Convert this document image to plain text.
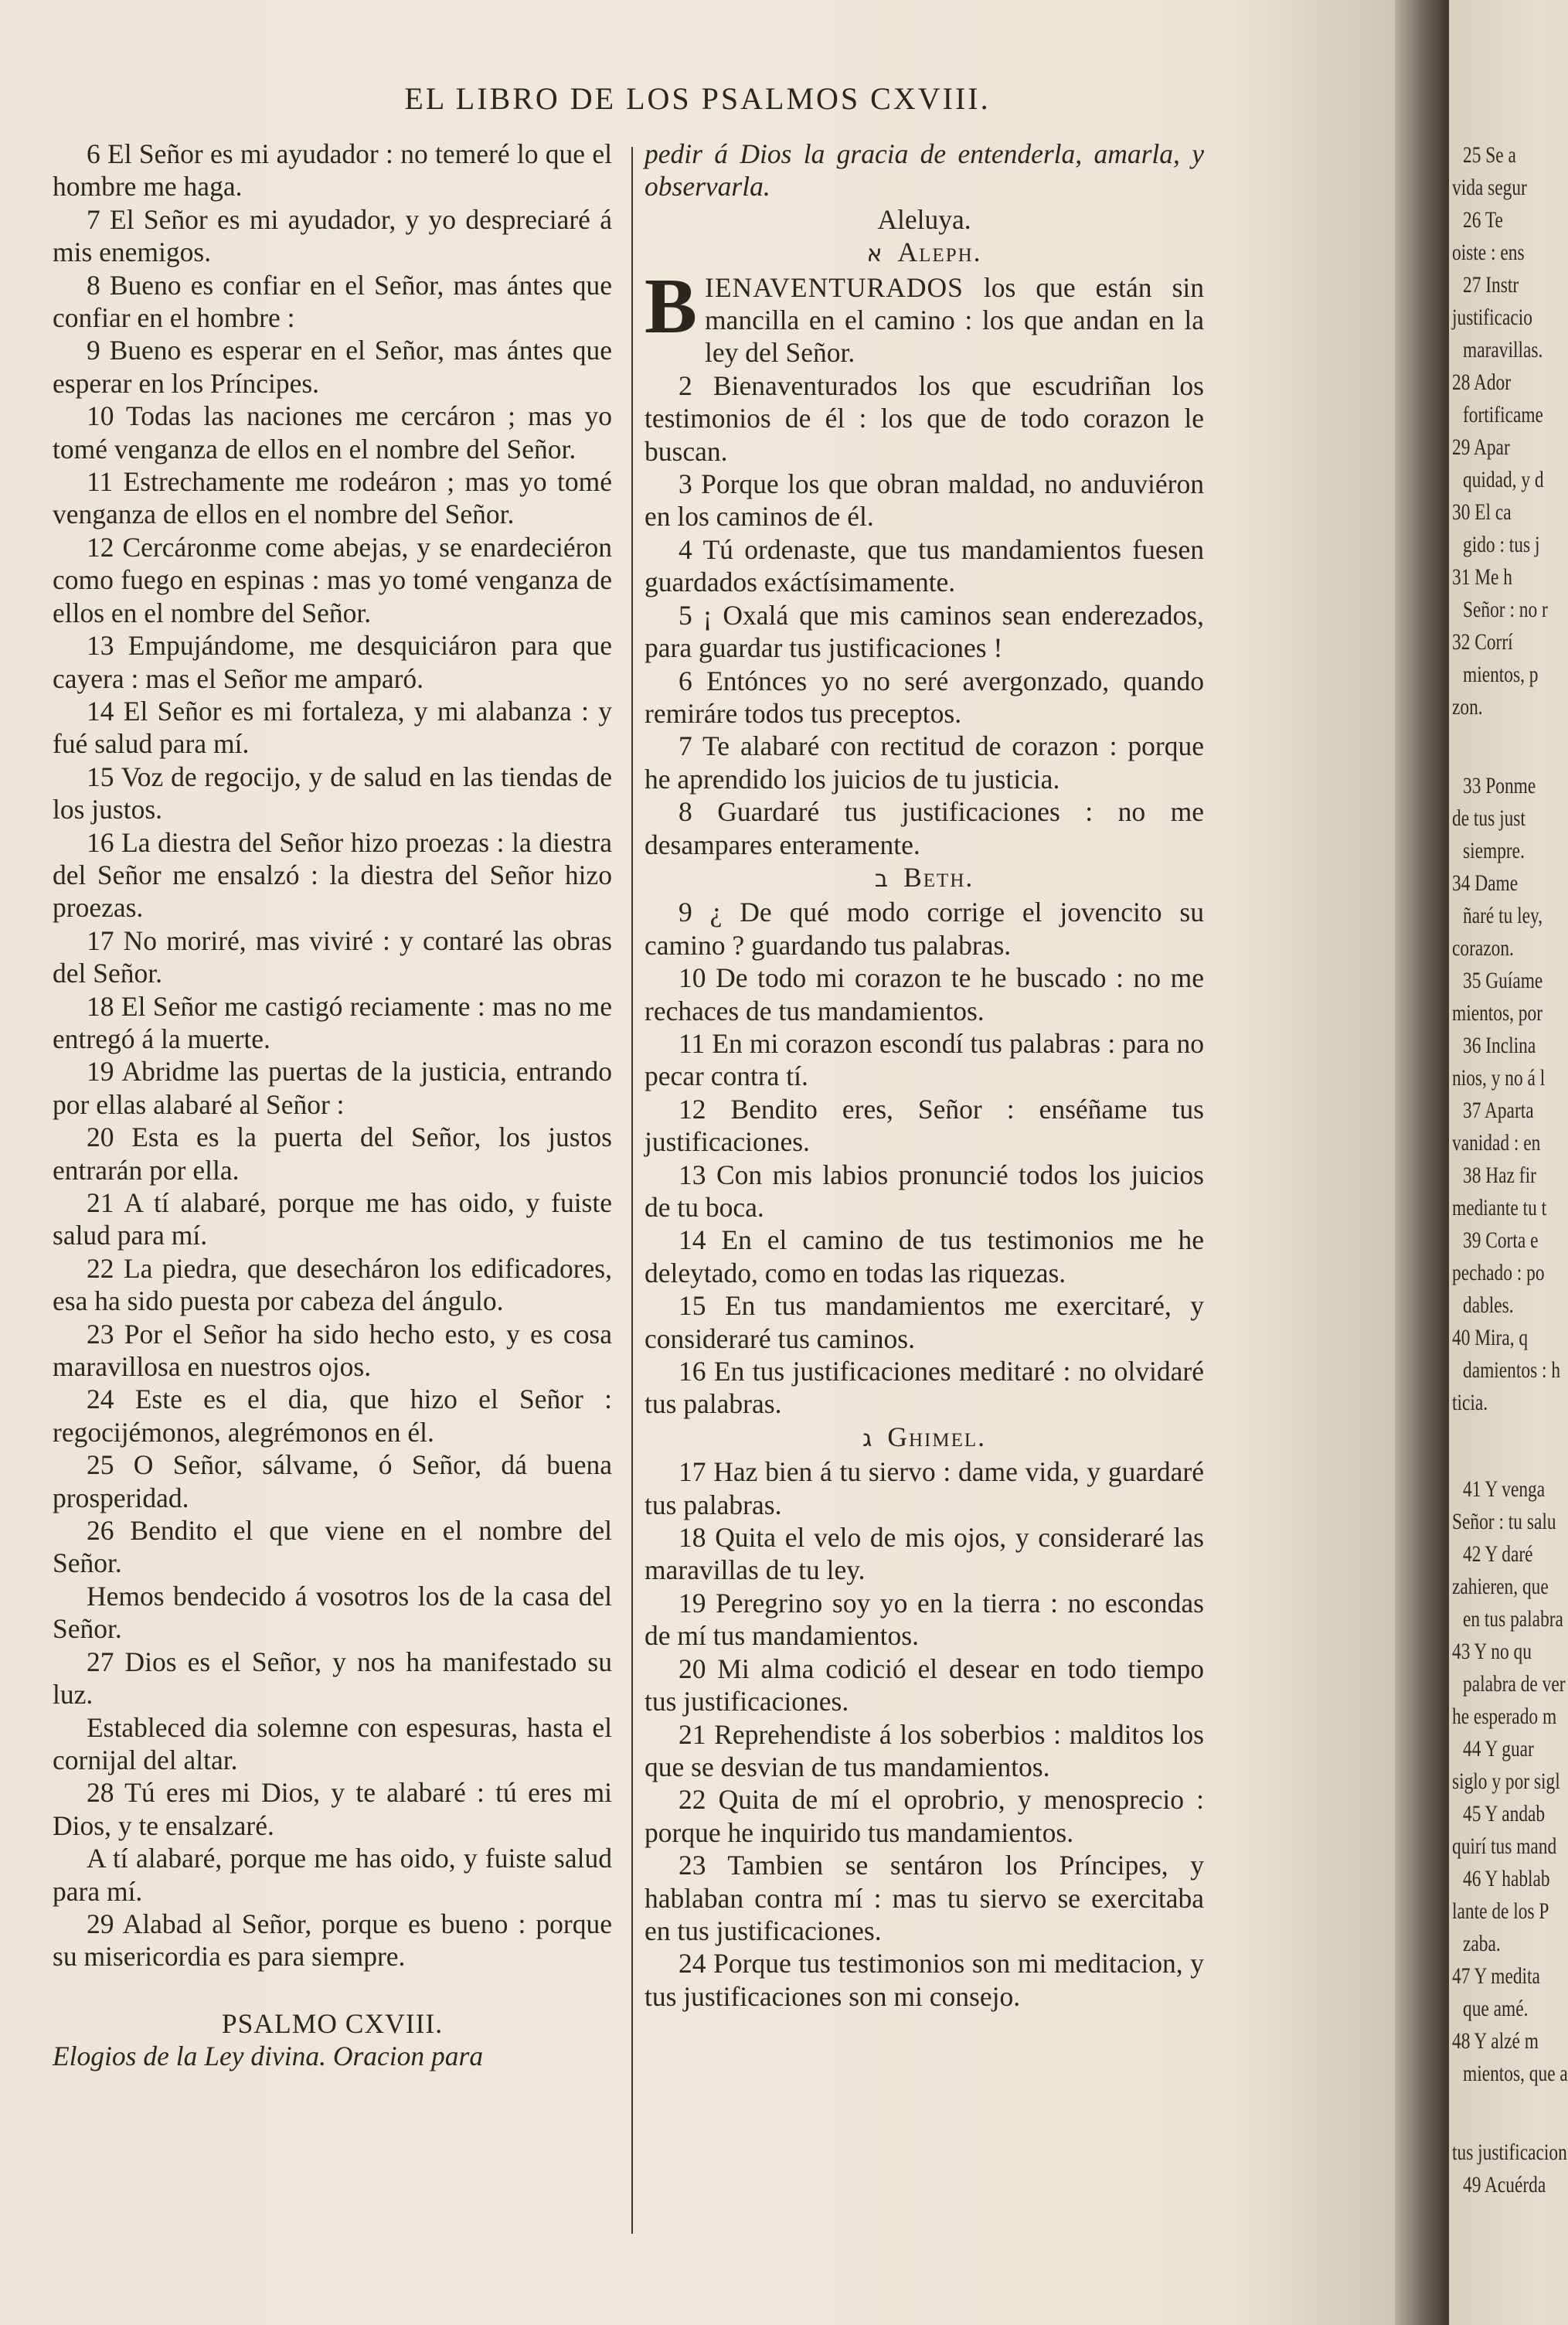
EL LIBRO DE LOS PSALMOS CXVIII.

6 El Señor es mi ayudador : no temeré lo que el hombre me haga.

7 El Señor es mi ayudador, y yo despreciaré á mis enemigos.

8 Bueno es confiar en el Señor, mas ántes que confiar en el hombre :

9 Bueno es esperar en el Señor, mas ántes que esperar en los Príncipes.

10 Todas las naciones me cercáron ; mas yo tomé venganza de ellos en el nombre del Señor.

11 Estrechamente me rodeáron ; mas yo tomé venganza de ellos en el nombre del Señor.

12 Cercáronme come abejas, y se enardeciéron como fuego en espinas : mas yo tomé venganza de ellos en el nombre del Señor.

13 Empujándome, me desquiciáron para que cayera : mas el Señor me amparó.

14 El Señor es mi fortaleza, y mi alabanza : y fué salud para mí.

15 Voz de regocijo, y de salud en las tiendas de los justos.

16 La diestra del Señor hizo proezas : la diestra del Señor me ensalzó : la diestra del Señor hizo proezas.

17 No moriré, mas viviré : y contaré las obras del Señor.

18 El Señor me castigó reciamente : mas no me entregó á la muerte.

19 Abridme las puertas de la justicia, entrando por ellas alabaré al Señor :

20 Esta es la puerta del Señor, los justos entrarán por ella.

21 A tí alabaré, porque me has oido, y fuiste salud para mí.

22 La piedra, que desecháron los edificadores, esa ha sido puesta por cabeza del ángulo.

23 Por el Señor ha sido hecho esto, y es cosa maravillosa en nuestros ojos.

24 Este es el dia, que hizo el Señor : regocijémonos, alegrémonos en él.

25 O Señor, sálvame, ó Señor, dá buena prosperidad.

26 Bendito el que viene en el nombre del Señor.

Hemos bendecido á vosotros los de la casa del Señor.

27 Dios es el Señor, y nos ha manifestado su luz.

Estableced dia solemne con espesuras, hasta el cornijal del altar.

28 Tú eres mi Dios, y te alabaré : tú eres mi Dios, y te ensalzaré.

A tí alabaré, porque me has oido, y fuiste salud para mí.

29 Alabad al Señor, porque es bueno : porque su misericordia es para siempre.

PSALMO CXVIII.

Elogios de la Ley divina. Oracion para

pedir á Dios la gracia de entenderla, amarla, y observarla.

Aleluya.

א Aleph.

BIENAVENTURADOS los que están sin mancilla en el camino : los que andan en la ley del Señor.

2 Bienaventurados los que escudriñan los testimonios de él : los que de todo corazon le buscan.

3 Porque los que obran maldad, no anduviéron en los caminos de él.

4 Tú ordenaste, que tus mandamientos fuesen guardados exáctísimamente.

5 ¡ Oxalá que mis caminos sean enderezados, para guardar tus justificaciones !

6 Entónces yo no seré avergonzado, quando remiráre todos tus preceptos.

7 Te alabaré con rectitud de corazon : porque he aprendido los juicios de tu justicia.

8 Guardaré tus justificaciones : no me desampares enteramente.

ב Beth.

9 ¿ De qué modo corrige el jovencito su camino ? guardando tus palabras.

10 De todo mi corazon te he buscado : no me rechaces de tus mandamientos.

11 En mi corazon escondí tus palabras : para no pecar contra tí.

12 Bendito eres, Señor : enséñame tus justificaciones.

13 Con mis labios pronuncié todos los juicios de tu boca.

14 En el camino de tus testimonios me he deleytado, como en todas las riquezas.

15 En tus mandamientos me exercitaré, y consideraré tus caminos.

16 En tus justificaciones meditaré : no olvidaré tus palabras.

ג Ghimel.

17 Haz bien á tu siervo : dame vida, y guardaré tus palabras.

18 Quita el velo de mis ojos, y consideraré las maravillas de tu ley.

19 Peregrino soy yo en la tierra : no escondas de mí tus mandamientos.

20 Mi alma codició el desear en todo tiempo tus justificaciones.

21 Reprehendiste á los soberbios : malditos los que se desvian de tus mandamientos.

22 Quita de mí el oprobrio, y menosprecio : porque he inquirido tus mandamientos.

23 Tambien se sentáron los Príncipes, y hablaban contra mí : mas tu siervo se exercitaba en tus justificaciones.

24 Porque tus testimonios son mi meditacion, y tus justificaciones son mi consejo.

25 Se a
vida segur
26 Te
oiste : ens
27 Instr
justificacio
maravillas.
28 Ador
fortificame
29 Apar
quidad, y d
30 El ca
gido : tus j
31 Me h
Señor : no r
32 Corrí
mientos, p
zon.
33 Ponme
de tus just
siempre.
34 Dame
ñaré tu ley,
corazon.
35 Guíame
mientos, por
36 Inclina
nios, y no á l
37 Aparta
vanidad : en
38 Haz fir
mediante tu t
39 Corta e
pechado : po
dables.
40 Mira, q
damientos : h
ticia.
41 Y venga
Señor : tu salu
42 Y daré
zahieren, que
en tus palabra
43 Y no qu
palabra de ver
he esperado m
44 Y guar
siglo y por sigl
45 Y andab
quirí tus mand
46 Y hablab
lante de los P
zaba.
47 Y medita
que amé.
48 Y alzé m
mientos, que a
tus justificacion
49 Acuérda
